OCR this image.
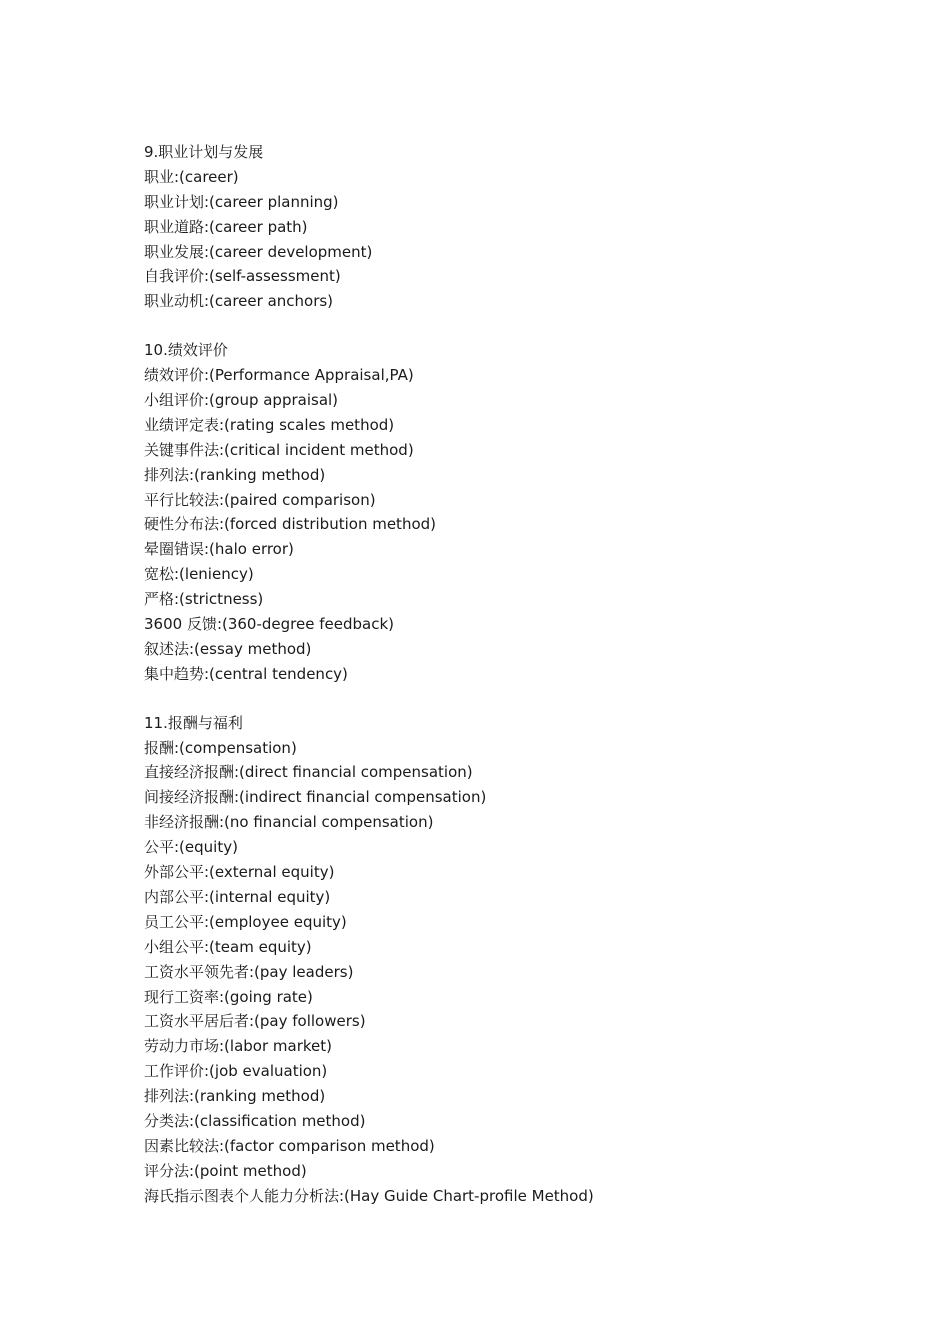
9.职业计划与发展
职业:(career)
职业计划:(career planning)
职业道路:(career path)
职业发展:(career development)
自我评价:(self-assessment)
职业动机:(career anchors)
10.绩效评价
绩效评价:(Performance Appraisal,PA)
小组评价:(group appraisal)
业绩评定表:(rating scales method)
关键事件法:(critical incident method)
排列法:(ranking method)
平行比较法:(paired comparison)
硬性分布法:(forced distribution method)
晕圈错误:(halo error)
宽松:(leniency)
严格:(strictness)
3600 反馈:(360-degree feedback)
叙述法:(essay method)
集中趋势:(central tendency)
11.报酬与福利
报酬:(compensation)
直接经济报酬:(direct financial compensation)
间接经济报酬:(indirect financial compensation)
非经济报酬:(no financial compensation)
公平:(equity)
外部公平:(external equity)
内部公平:(internal equity)
员工公平:(employee equity)
小组公平:(team equity)
工资水平领先者:(pay leaders)
现行工资率:(going rate)
工资水平居后者:(pay followers)
劳动力市场:(labor market)
工作评价:(job evaluation)
排列法:(ranking method)
分类法:(classification method)
因素比较法:(factor comparison method)
评分法:(point method)
海氏指示图表个人能力分析法:(Hay Guide Chart-profile Method)
